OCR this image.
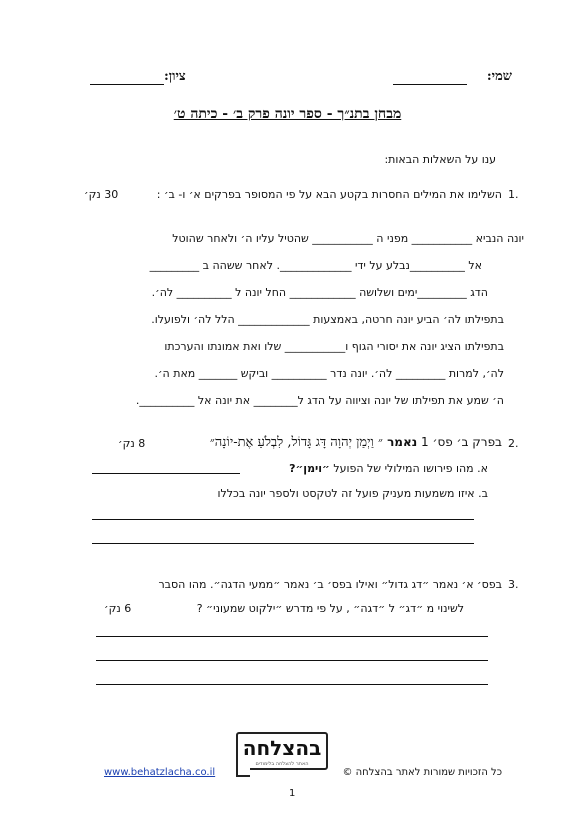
שמי:
ציון:
מבחן בתנ״ך - ספר יונה פרק ב׳ - כיתה ט׳
ענו על השאלות הבאות:
1.
השלימו את המילים החסרות בקטע הבא על פי המסופר בפרקים א׳ ו- ב׳ :
30 נק׳
יונה הנביא ___________ מפני ה ___________ שהטיל עליו ה׳ ולאחר שהוטל
אל __________נבלע על ידי _____________. לאחר ששהה ב _________
הדג _________ימים ושלושה ____________ החל יונה ל __________ לה׳.
בתפילתו לה׳ הביע יונה חרטה, באמצעות _____________ הלל לה׳ ולפועלו.
בתפילתו הציג יונה את יסורי הגוף ו___________ שלו ואת אמונתו והערכתו
לה׳, למרות _________ לה׳. יונה נדר __________ וביקש _______ מאת ה׳.
ה׳ שמע את תפילתו של יונה וציווה על הדג ל________ את יונה אל __________.
2.
בפרק ב׳ פס׳ 1 נאמר ״ וַיְמַן יְהוָה דָּג גָּדוֹל, לִבְלֹעַ אֶת-יוֹנָה״
8 נק׳
א. מהו פירושו המילולי של הפועל ״וימן״?
ב. איזו משמעות מעניק פועל זה לטקסט ולספר יונה בכללו
3.
בפס׳ א׳ נאמר ״דג גדול״ ואילו בפס׳ ב׳ נאמר ״ממעי הדגה״. מהו הסבר
לשינוי מ ״דג״ ל ״דגה״ , על פי מדרש ״ילקוט שמעוני״ ?
6 נק׳
בהצלחה
האתר להצלחה בלימודים
www.behatzlacha.co.il	כל הזכויות שמורות לאתר בהצלחה ©
1
